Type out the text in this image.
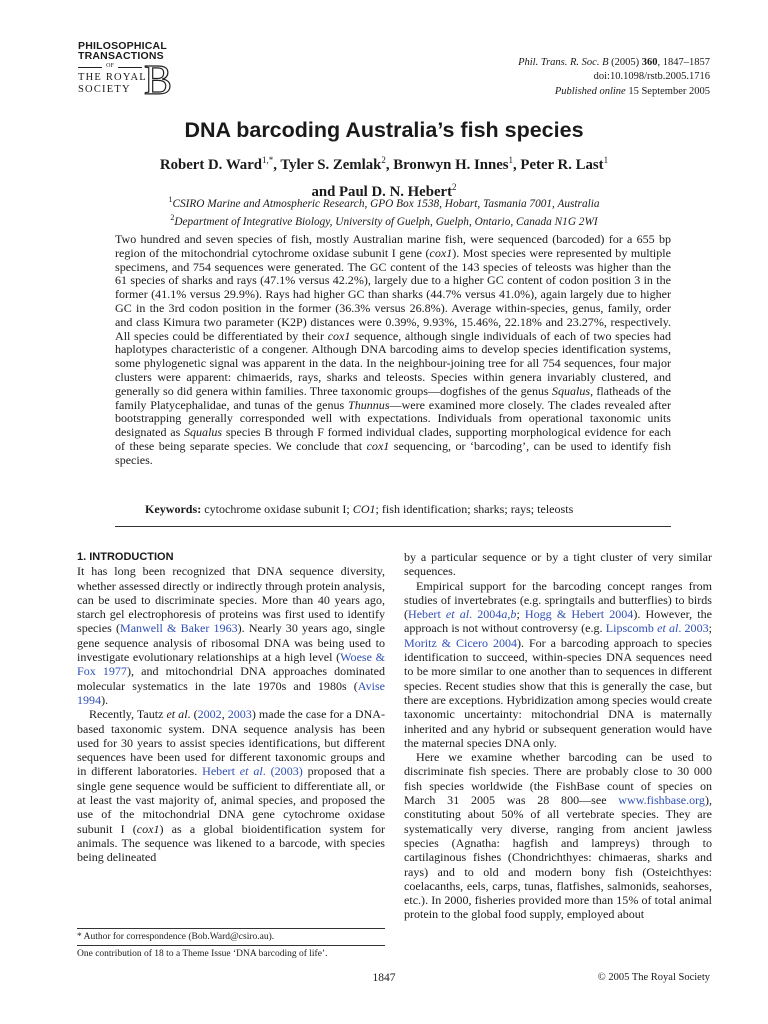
PHILOSOPHICAL
TRANSACTIONS
OF
THE ROYAL
SOCIETY B	Phil. Trans. R. Soc. B (2005) 360, 1847–1857
doi:10.1098/rstb.2005.1716
Published online 15 September 2005
DNA barcoding Australia’s fish species
Robert D. Ward$^{1,*}$, Tyler S. Zemlak$^2$, Bronwyn H. Innes$^1$, Peter R. Last$^1$
and Paul D. N. Hebert$^2$
$^1$CSIRO Marine and Atmospheric Research, GPO Box 1538, Hobart, Tasmania 7001, Australia
$^2$Department of Integrative Biology, University of Guelph, Guelph, Ontario, Canada N1G 2WI
Two hundred and seven species of fish, mostly Australian marine fish, were sequenced (barcoded) for a 655 bp region of the mitochondrial cytochrome oxidase subunit I gene (cox1). Most species were represented by multiple specimens, and 754 sequences were generated. The GC content of the 143 species of teleosts was higher than the 61 species of sharks and rays (47.1% versus 42.2%), largely due to a higher GC content of codon position 3 in the former (41.1% versus 29.9%). Rays had higher GC than sharks (44.7% versus 41.0%), again largely due to higher GC in the 3rd codon position in the former (36.3% versus 26.8%). Average within-species, genus, family, order and class Kimura two parameter (K2P) distances were 0.39%, 9.93%, 15.46%, 22.18% and 23.27%, respectively. All species could be differentiated by their cox1 sequence, although single individuals of each of two species had haplotypes characteristic of a congener. Although DNA barcoding aims to develop species identification systems, some phylogenetic signal was apparent in the data. In the neighbour-joining tree for all 754 sequences, four major clusters were apparent: chimaerids, rays, sharks and teleosts. Species within genera invariably clustered, and generally so did genera within families. Three taxonomic groups—dogfishes of the genus Squalus, flatheads of the family Platycephalidae, and tunas of the genus Thunnus—were examined more closely. The clades revealed after bootstrapping generally corresponded well with expectations. Individuals from operational taxonomic units designated as Squalus species B through F formed individual clades, supporting morphological evidence for each of these being separate species. We conclude that cox1 sequencing, or ‘barcoding’, can be used to identify fish species.
Keywords: cytochrome oxidase subunit I; CO1; fish identification; sharks; rays; teleosts

1. INTRODUCTION

It has long been recognized that DNA sequence diversity, whether assessed directly or indirectly through protein analysis, can be used to discriminate species. More than 40 years ago, starch gel electrophoresis of proteins was first used to identify species (Manwell & Baker 1963). Nearly 30 years ago, single gene sequence analysis of ribosomal DNA was being used to investigate evolutionary relationships at a high level (Woese & Fox 1977), and mitochondrial DNA approaches dominated molecular systematics in the late 1970s and 1980s (Avise 1994).

Recently, Tautz et al. (2002, 2003) made the case for a DNA-based taxonomic system. DNA sequence analysis has been used for 30 years to assist species identifications, but different sequences have been used for different taxonomic groups and in different laboratories. Hebert et al. (2003) proposed that a single gene sequence would be sufficient to differentiate all, or at least the vast majority of, animal species, and proposed the use of the mitochondrial DNA gene cytochrome oxidase subunit I (cox1) as a global bioidentification system for animals. The sequence was likened to a barcode, with species being delineated

by a particular sequence or by a tight cluster of very similar sequences.

Empirical support for the barcoding concept ranges from studies of invertebrates (e.g. springtails and butterflies) to birds (Hebert et al. 2004a,b; Hogg & Hebert 2004). However, the approach is not without controversy (e.g. Lipscomb et al. 2003; Moritz & Cicero 2004). For a barcoding approach to species identification to succeed, within-species DNA sequences need to be more similar to one another than to sequences in different species. Recent studies show that this is generally the case, but there are exceptions. Hybridization among species would create taxonomic uncertainty: mitochondrial DNA is maternally inherited and any hybrid or subsequent generation would have the maternal species DNA only.

Here we examine whether barcoding can be used to discriminate fish species. There are probably close to 30 000 fish species worldwide (the FishBase count of species on March 31 2005 was 28 800—see www.fishbase.org), constituting about 50% of all vertebrate species. They are systematically very diverse, ranging from ancient jawless species (Agnatha: hagfish and lampreys) through to cartilaginous fishes (Chondrichthyes: chimaeras, sharks and rays) and to old and modern bony fish (Osteichthyes: coelacanths, eels, carps, tunas, flatfishes, salmonids, seahorses, etc.). In 2000, fisheries provided more than 15% of total animal protein to the global food supply, employed about

* Author for correspondence (Bob.Ward@csiro.au).
One contribution of 18 to a Theme Issue ‘DNA barcoding of life’.
1847	© 2005 The Royal Society
